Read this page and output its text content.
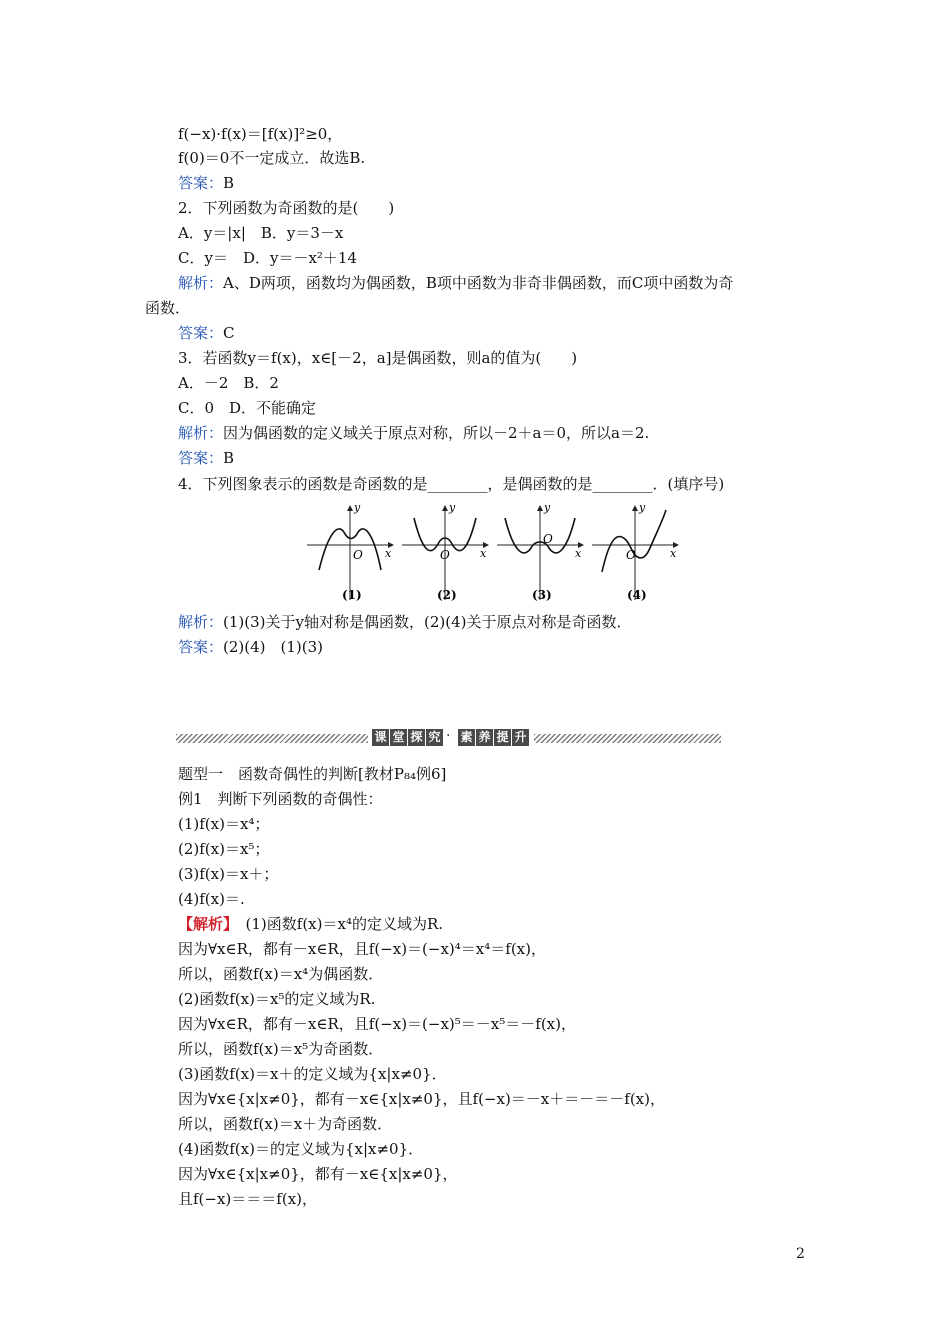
f(−x)·f(x)＝[f(x)]²≥0，
f(0)＝0不一定成立．故选B.
答案：B
2．下列函数为奇函数的是(　　)
A．y＝|x|　B．y＝3－x
C．y＝　D．y＝－x²＋14
解析：A、D两项，函数均为偶函数，B项中函数为非奇非偶函数，而C项中函数为奇
函数．
答案：C
3．若函数y＝f(x)，x∈[－2，a]是偶函数，则a的值为(　　)
A．－2　B．2
C．0　D．不能确定
解析：因为偶函数的定义域关于原点对称，所以－2＋a＝0，所以a＝2.
答案：B
4．下列图象表示的函数是奇函数的是________，是偶函数的是________．(填序号)
x
y
O
(1)
x
y
O
(2)
x
y
O
(3)
x
y
O
(4)
解析：(1)(3)关于y轴对称是偶函数，(2)(4)关于原点对称是奇函数．
答案：(2)(4)　(1)(3)
课 堂 探 究 · 素 养 提 升
题型一　函数奇偶性的判断[教材P₈₄例6]
例1　判断下列函数的奇偶性：
(1)f(x)＝x⁴；
(2)f(x)＝x⁵；
(3)f(x)＝x＋；
(4)f(x)＝.
【解析】　(1)函数f(x)＝x⁴的定义域为R.
因为∀x∈R，都有－x∈R，且f(−x)＝(−x)⁴＝x⁴＝f(x)，
所以，函数f(x)＝x⁴为偶函数．
(2)函数f(x)＝x⁵的定义域为R.
因为∀x∈R，都有－x∈R，且f(−x)＝(−x)⁵＝－x⁵＝－f(x)，
所以，函数f(x)＝x⁵为奇函数．
(3)函数f(x)＝x＋的定义域为{x|x≠0}．
因为∀x∈{x|x≠0}，都有－x∈{x|x≠0}，且f(−x)＝－x＋＝－＝－f(x)，
所以，函数f(x)＝x＋为奇函数．
(4)函数f(x)＝的定义域为{x|x≠0}．
因为∀x∈{x|x≠0}，都有－x∈{x|x≠0}，
且f(−x)＝＝＝f(x)，
2
